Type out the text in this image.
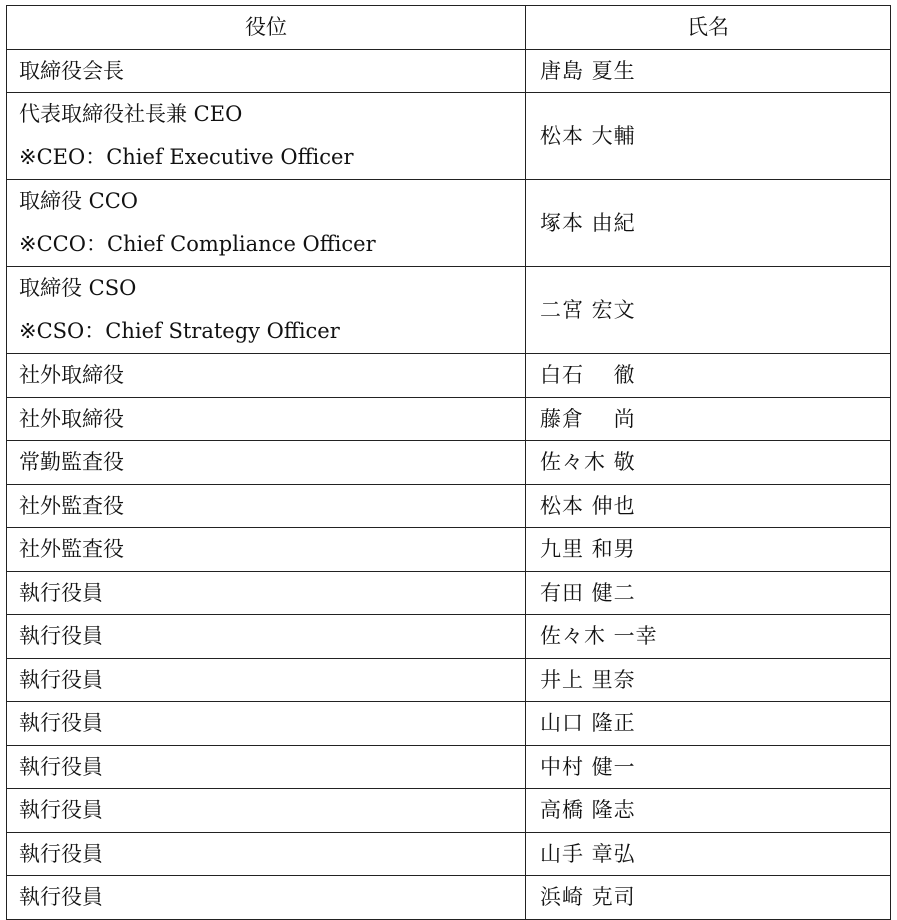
役位	氏名

取締役会長	唐島 夏生

代表取締役社長兼 CEO
※CEO：Chief Executive Officer	松本 大輔

取締役 CCO
※CCO：Chief Compliance Officer	塚本 由紀

取締役 CSO
※CSO：Chief Strategy Officer	二宮 宏文

社外取締役	白石　 徹

社外取締役	藤倉　 尚

常勤監査役	佐々木 敬

社外監査役	松本 伸也

社外監査役	九里 和男

執行役員	有田 健二

執行役員	佐々木 一幸

執行役員	井上 里奈

執行役員	山口 隆正

執行役員	中村 健一

執行役員	高橋 隆志

執行役員	山手 章弘

執行役員	浜崎 克司
